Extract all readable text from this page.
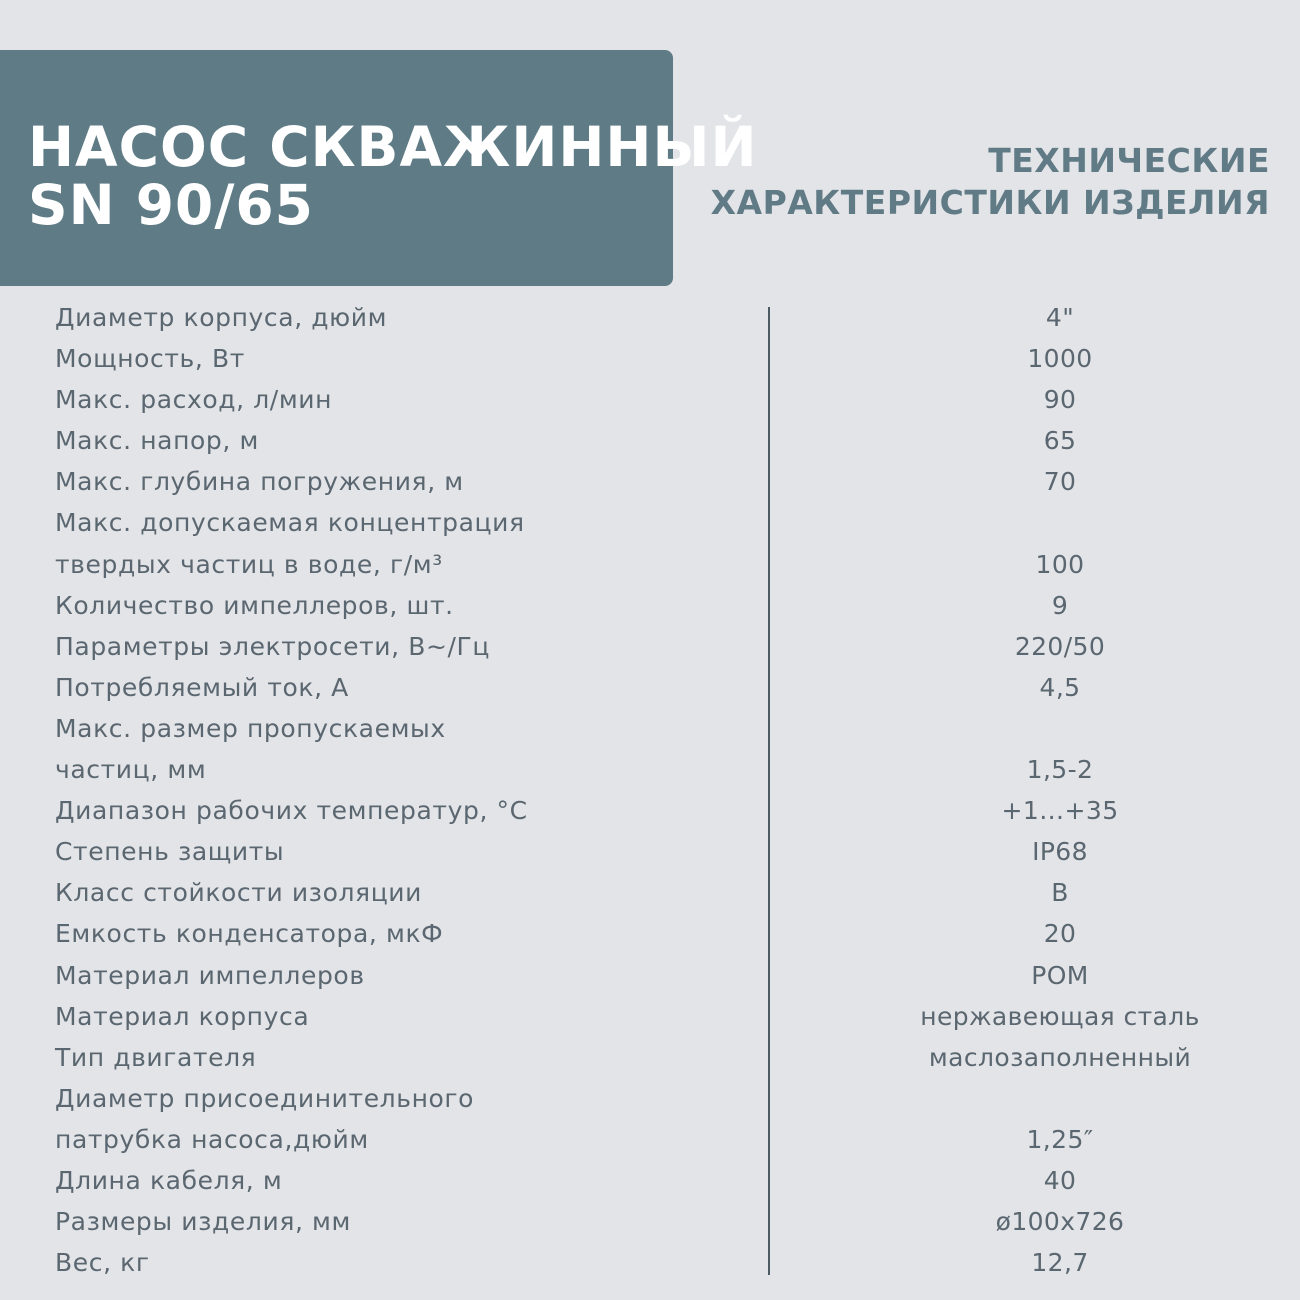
НАСОС СКВАЖИННЫЙ
SN 90/65
ТЕХНИЧЕСКИЕ
ХАРАКТЕРИСТИКИ ИЗДЕЛИЯ
Диаметр корпуса, дюйм	4"
Мощность, Вт	1000
Макс. расход, л/мин	90
Макс. напор, м	65
Макс. глубина погружения, м	70
Макс. допускаемая концентрация
твердых частиц в воде, г/м³	100
Количество импеллеров, шт.	9
Параметры электросети, В~/Гц	220/50
Потребляемый ток, А	4,5
Макс. размер пропускаемых
частиц, мм	1,5-2
Диапазон рабочих температур, °С	+1…+35
Степень защиты	IP68
Класс стойкости изоляции	B
Емкость конденсатора, мкФ	20
Материал импеллеров	POM
Материал корпуса	нержавеющая сталь
Тип двигателя	маслозаполненный
Диаметр присоединительного
патрубка насоса,дюйм	1,25″
Длина кабеля, м	40
Размеры изделия, мм	ø100x726
Вес, кг	12,7
